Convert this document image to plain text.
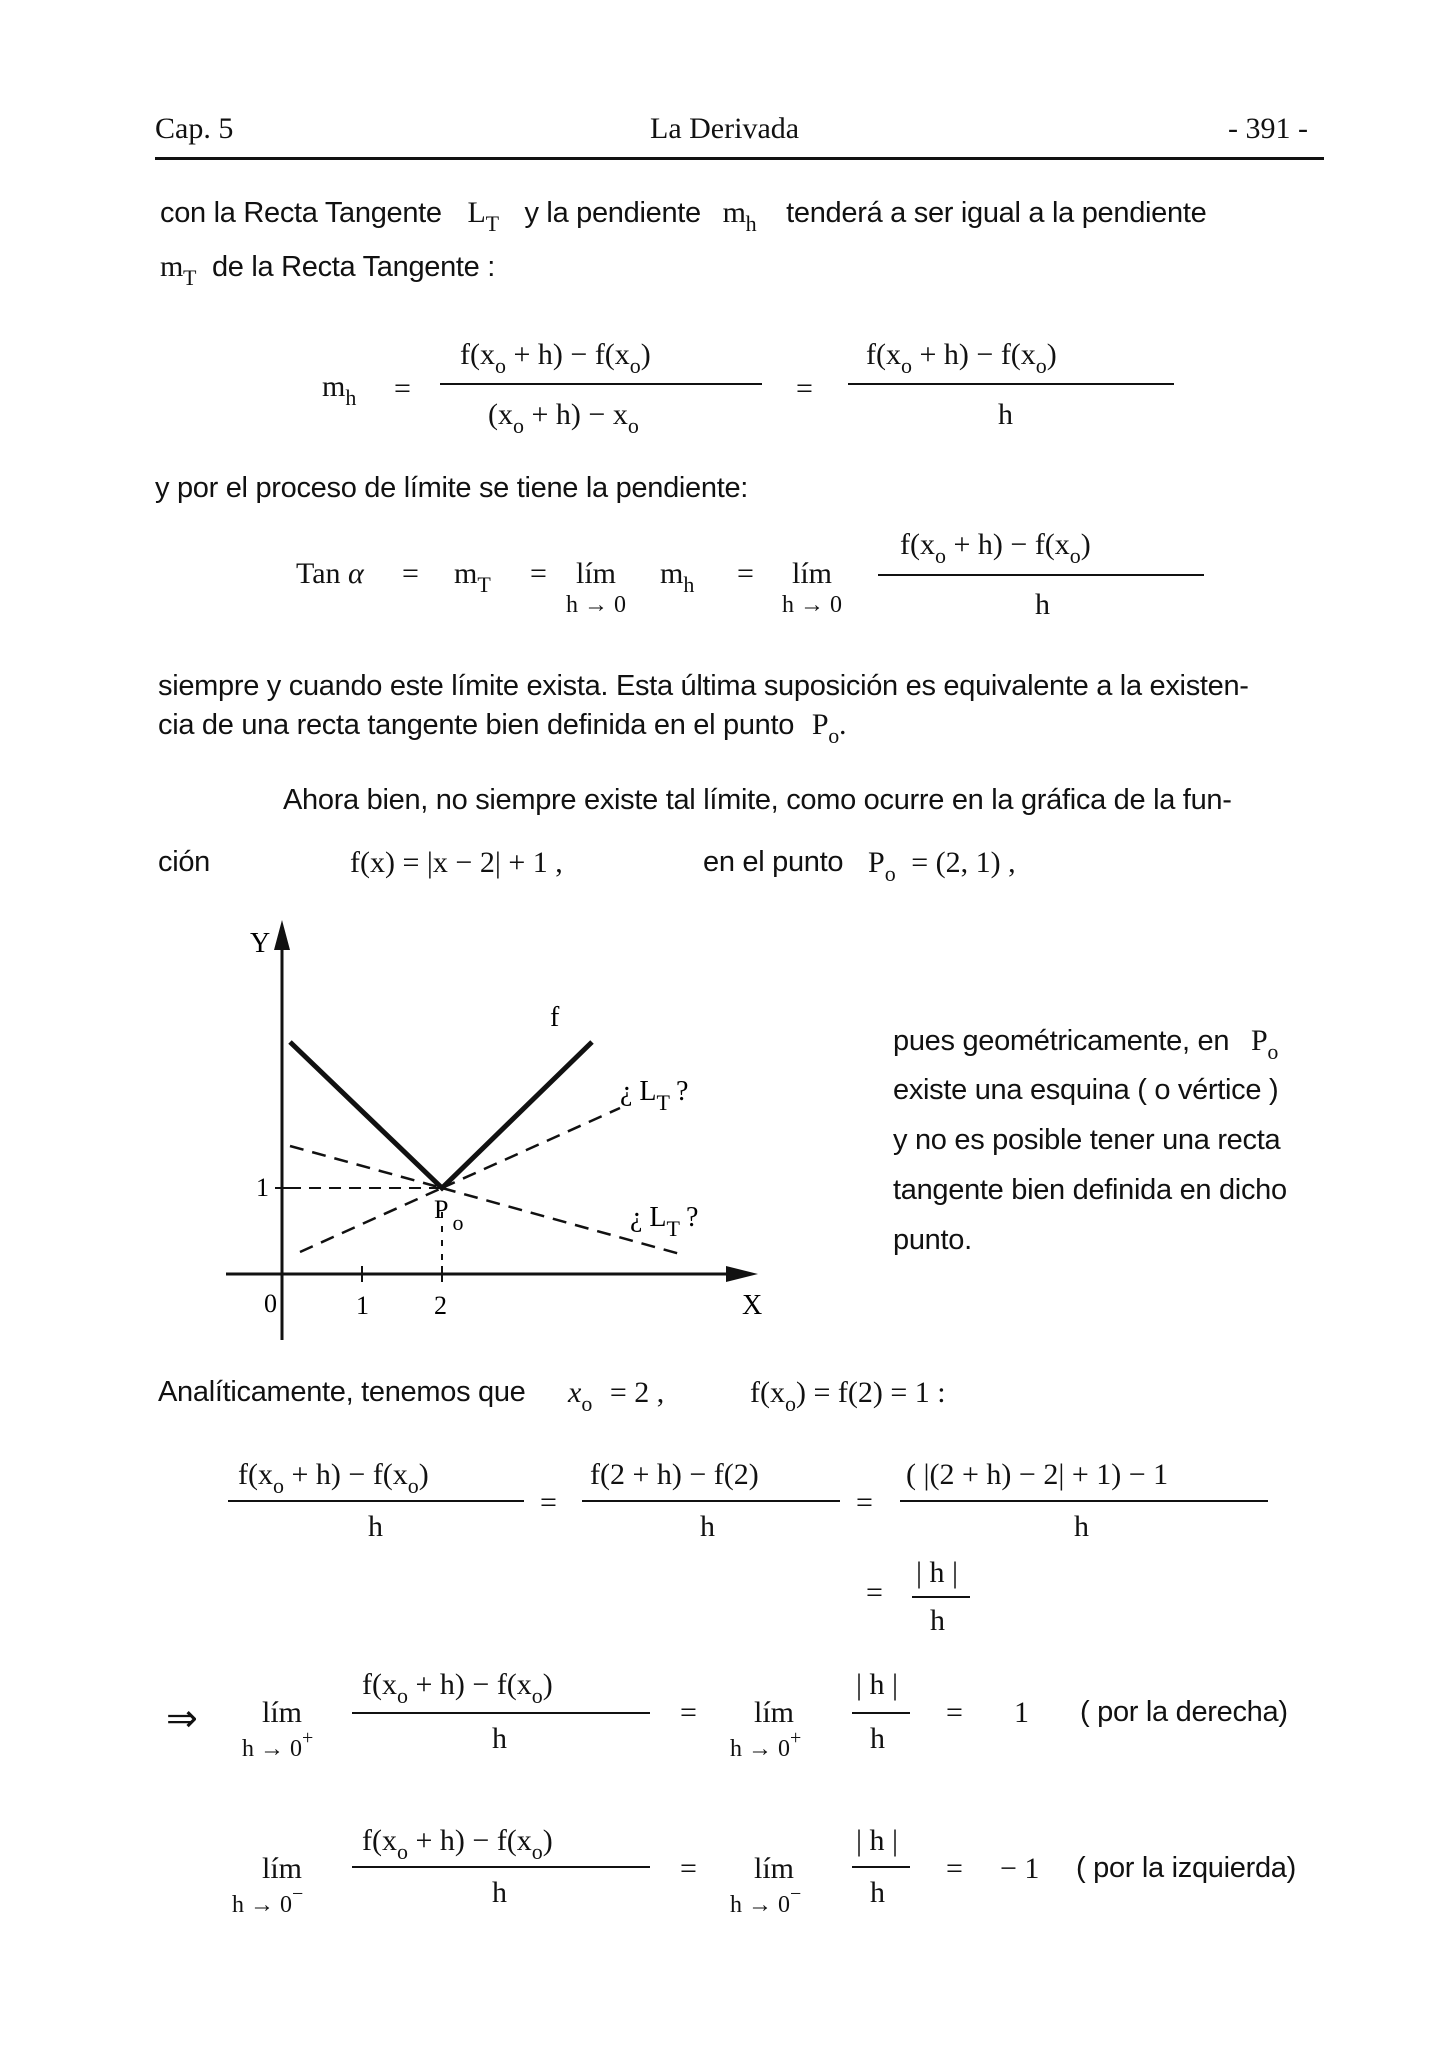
Cap. 5	La Derivada	- 391 -
con la Recta Tangente $L_T$ y la pendiente $m_h$ tenderá a ser igual a la pendiente
$m_T$ de la Recta Tangente :
$m_h$ =
$f(x_o + h) - f(x_o)$
$(x_o + h) - x_o$
=
$f(x_o + h) - f(x_o)$
h
y por el proceso de límite se tiene la pendiente:
Tan $\alpha = m_T$ = lím
h → 0
$m_h$ = lím
h → 0
$f(x_o + h) - f(x_o)$
h
siempre y cuando este límite exista. Esta última suposición es equivalente a la existen-
cia de una recta tangente bien definida en el punto $P_o$.
Ahora bien, no siempre existe tal límite, como ocurre en la gráfica de la fun-
ción	f(x) = |x − 2| + 1 ,	en el punto $P_o = (2$, 1) ,
Y
X
f
¿ $L_T$ ?
¿ $L_T$ ?
P $_o$
0	1	2
1
pues geométricamente, en $P_o$
existe una esquina ( o vértice )
y no es posible tener una recta
tangente bien definida en dicho
punto.
Analíticamente, tenemos que $x_o = 2$ ,	$f(x_o) = f(2) = 1$ :
$f(x_o + h) - f(x_o)$
h
=
f(2 + h) − f(2)
h
=
( |(2 + h) − 2| + 1) − 1
h
=
| h |
h
⇒ lím
h → 0+
$f(x_o + h) - f(x_o)$
h
= lím
h → 0+
| h |
h
= 1 ( por la derecha)
lím
h → 0−
$f(x_o + h) - f(x_o)$
h
= lím
h → 0−
| h |
h
= − 1 ( por la izquierda)
